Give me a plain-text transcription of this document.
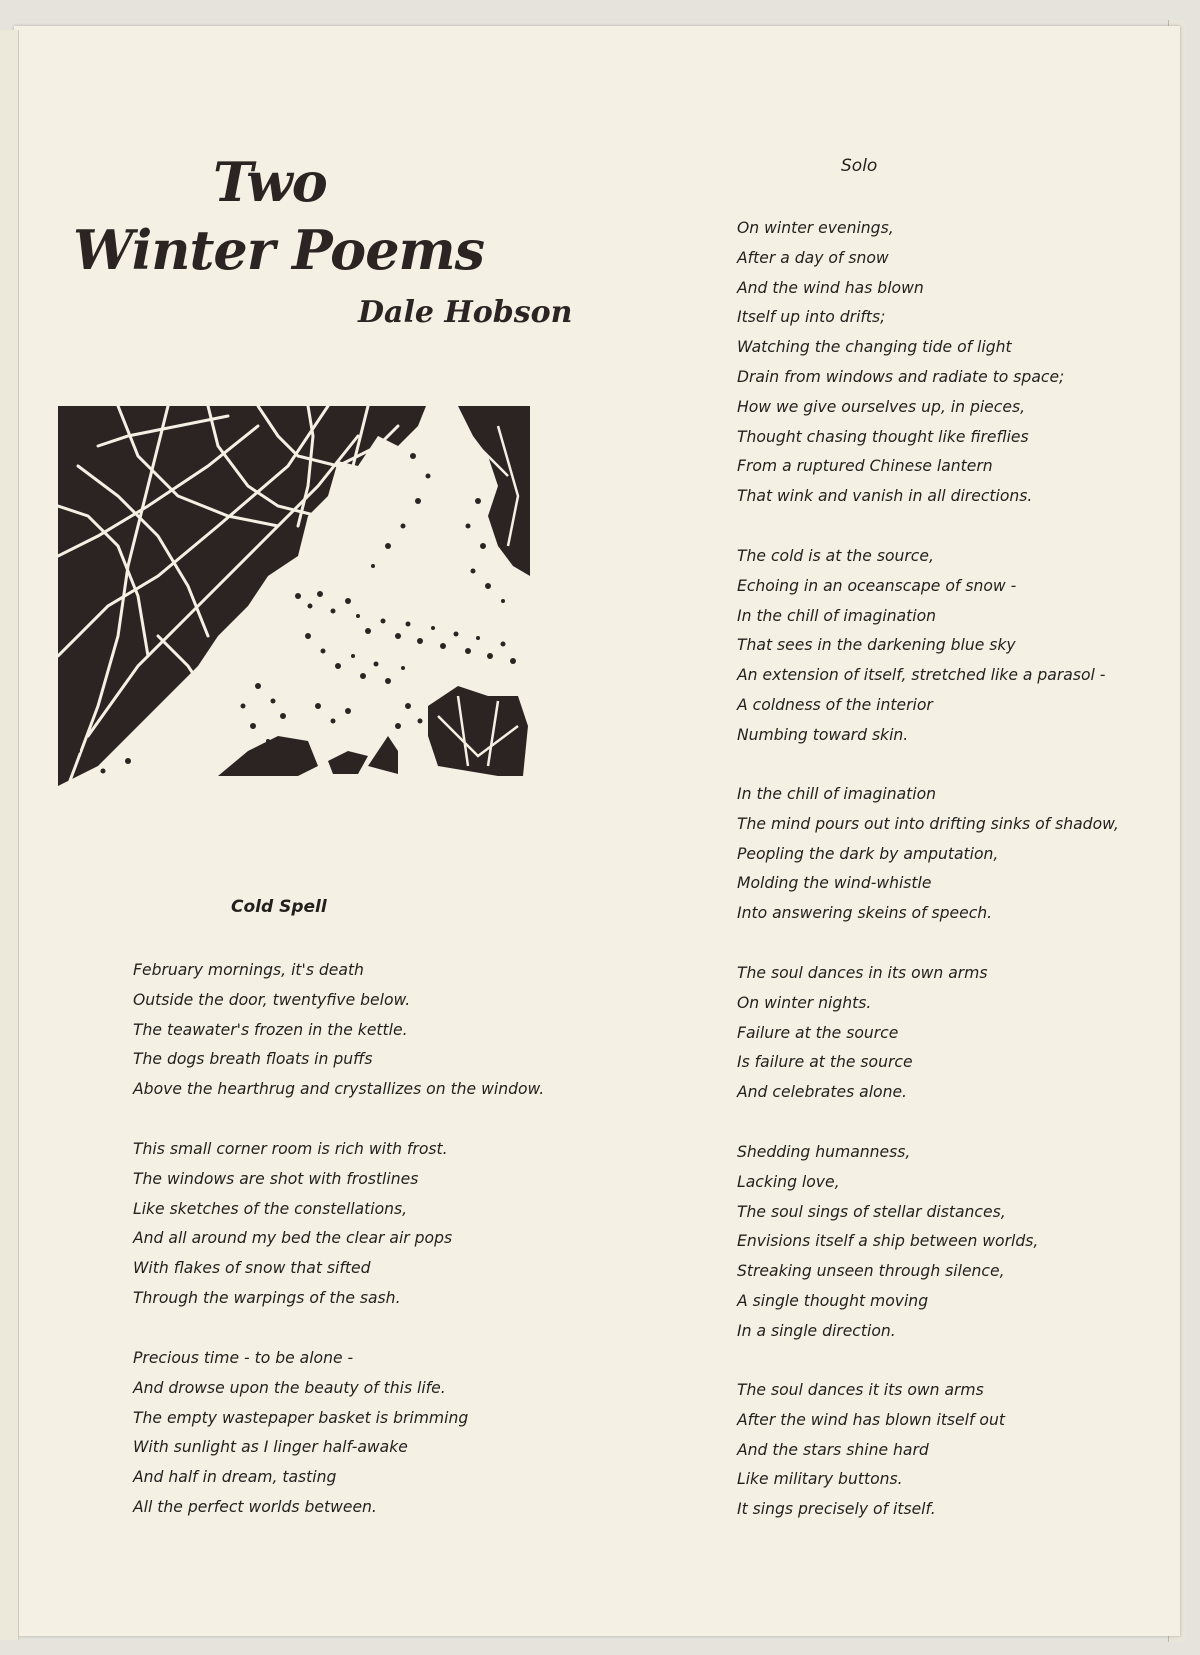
Two
Winter Poems
Dale Hobson
Cold Spell
February mornings, it's death
Outside the door, twentyfive below.
The teawater's frozen in the kettle.
The dogs breath floats in puffs
Above the hearthrug and crystallizes on the window.
This small corner room is rich with frost.
The windows are shot with frostlines
Like sketches of the constellations,
And all around my bed the clear air pops
With flakes of snow that sifted
Through the warpings of the sash.
Precious time - to be alone -
And drowse upon the beauty of this life.
The empty wastepaper basket is brimming
With sunlight as I linger half-awake
And half in dream, tasting
All the perfect worlds between.
Solo
On winter evenings,
After a day of snow
And the wind has blown
Itself up into drifts;
Watching the changing tide of light
Drain from windows and radiate to space;
How we give ourselves up, in pieces,
Thought chasing thought like fireflies
From a ruptured Chinese lantern
That wink and vanish in all directions.
The cold is at the source,
Echoing in an oceanscape of snow -
In the chill of imagination
That sees in the darkening blue sky
An extension of itself, stretched like a parasol -
A coldness of the interior
Numbing toward skin.
In the chill of imagination
The mind pours out into drifting sinks of shadow,
Peopling the dark by amputation,
Molding the wind-whistle
Into answering skeins of speech.
The soul dances in its own arms
On winter nights.
Failure at the source
Is failure at the source
And celebrates alone.
Shedding humanness,
Lacking love,
The soul sings of stellar distances,
Envisions itself a ship between worlds,
Streaking unseen through silence,
A single thought moving
In a single direction.
The soul dances it its own arms
After the wind has blown itself out
And the stars shine hard
Like military buttons.
It sings precisely of itself.
